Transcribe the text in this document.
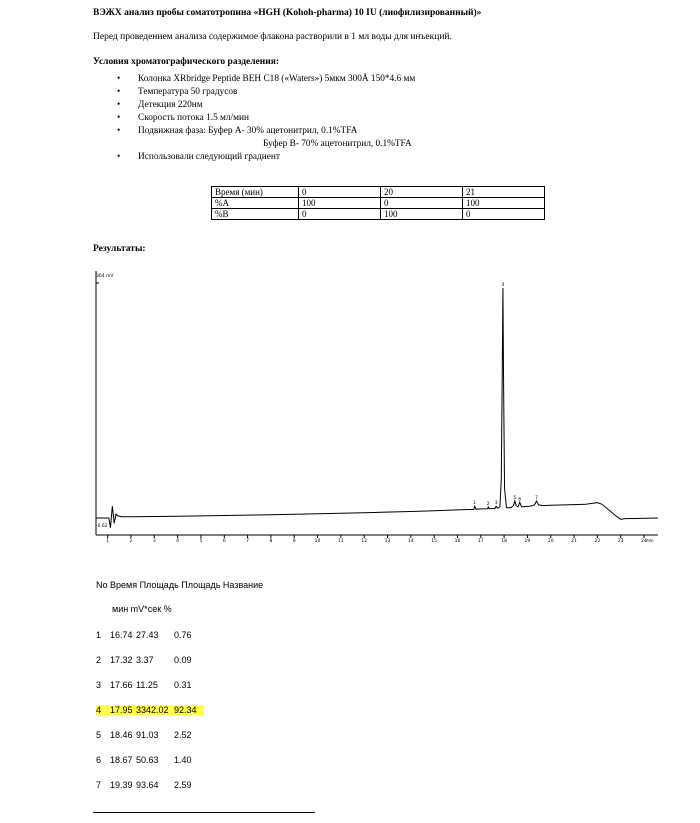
ВЭЖХ анализ пробы соматотропина «HGH (Kohoh-pharma) 10 IU (лиофилизированный)»
Перед проведением анализа содержимое флакона растворили в 1 мл воды для инъекций.
Условия хроматографического разделения:
• Колонка XRbridge Peptide BEH C18 («Waters») 5мкм 300Å 150*4.6 мм
• Температура 50 градусов
• Детекция 220нм
• Скорость потока 1.5 мл/мин
• Подвижная фаза: Буфер А- 30% ацетонитрил, 0.1%TFA
Буфер В- 70% ацетонитрил, 0.1%TFA
• Использовали следующий градиент
Время (мин)	0	20	21
%A	100	0	100
%B	0	100	0
Результаты:
364 mV
-0.62
min
1	2	3	4	5	6	7	8	9	10	11	12	13	14	15	16	17	18	19	20	21	22	23	24
1 2 3
4
5 6	7
No Время Площадь Площадь Название
мин mV*сек %
1 16.74 27.43 0.76
2 17.32 3.37 0.09
3 17.66 11.25 0.31
4 17.95 3342.02 92.34
5 18.46 91.03 2.52
6 18.67 50.63 1.40
7 19.39 93.64 2.59
